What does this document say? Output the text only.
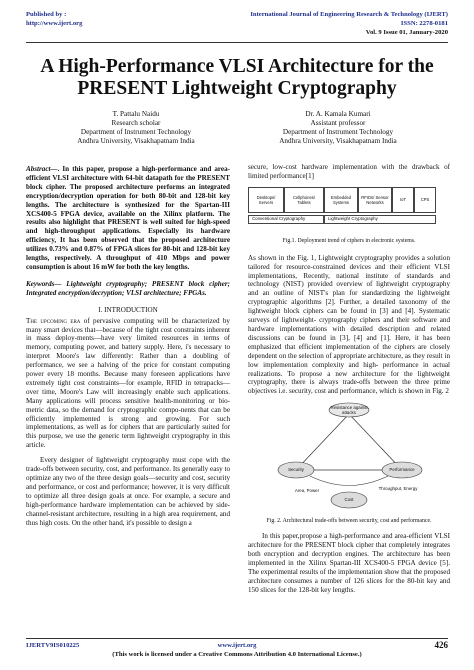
Published by :
http://www.ijert.org
International Journal of Engineering Research & Technology (IJERT)
ISSN: 2278-0181
Vol. 9 Issue 01, January-2020
A High-Performance VLSI Architecture for the PRESENT Lightweight Cryptography
T. Pattalu Naidu
Research scholar
Department of Instrument Technology
Andhra University, Visakhapatnam India
Dr. A. Kamala Kumari
Assistant professor
Department of Instrument Technology
Andhra University, Visakhapatnam India

Abstract—. In this paper, propose a high-performance and area-efficient VLSI architecture with 64-bit datapath for the PRESENT block cipher. The proposed architecture performs an integrated encryption/decryption operation for both 80-bit and 128-bit key lengths. The architecture is synthesized for the Spartan-III XCS400-5 FPGA device, available on the Xilinx platform. The results also highlight that PRESENT is well suited for high-speed and high-throughput applications. Especially its hardware efficiency, It has been observed that the proposed architecture utilizes 0.73% and 0.87% of FPGA slices for 80-bit and 128-bit key lengths, respectively. A throughput of 410 Mbps and power consumption is about 16 mW for both the key lengths.

Keywords— Lightweight cryptography; PRESENT block cipher; Integrated encryption/decryption; VLSI architecture; FPGAs.

I. INTRODUCTION

The upcoming era of pervasive computing will be characterized by many smart devices that—because of the tight cost constraints inherent in mass deploy-ments—have very limited resources in terms of memory, computing power, and battery supply. Here, i's necessary to interpret Moore's law differently: Rather than a doubling of performance, we see a halving of the price for constant computing power every 18 months. Because many foreseen applications have extremely tight cost constraints—for example, RFID in tetrapacks—over time, Moore's Law will increasingly enable such applications. Many applications will process sensitive health-monitoring or bio-metric data, so the demand for cryptographic compo-nents that can be efficiently implemented is strong and growing. For such implementations, as well as for ciphers that are particularly suited for this purpose, we use the generic term lightweight cryptography in this article.

Every designer of lightweight cryptography must cope with the trade-offs between security, cost, and performance. Its generally easy to optimize any two of the three design goals—security and cost, security and performance, or cost and performance; however, it is very difficult to optimize all three design goals at once. For example, a secure and high-performance hardware implementation can be achieved by side-channel-resistant architecture, resulting in a high area requirement, and thus high costs. On the other hand, it's possible to design a

secure, low-cost hardware implementation with the drawback of limited performance[1]

Desktops/ Servers
Cellphones/ Tablets
Embedded Systems
RFIDs/ Sensor Networks	IoT	CPS
Conventional Cryptography	Lightweight Cryptography
Fig.1. Deployment trend of ciphers in electronic systems.

As shown in the Fig. 1, Lightweight cryptography provides a solution tailored for resource-constrained devices and their efficient VLSI implementations, Recently, national institute of standards and technology (NIST) provided overview of lightweight cryptography and an outline of NIST's plan for standardizing the lightweight cryptographic algorithms [2]. Further, a detailed taxonomy of the lightweight block ciphers can be found in [3] and [4]. Systematic surveys of lightweight- cryptography ciphers and their software and hardware implementations with detailed description and related discussions can be found in [3], [4] and [1]. Here, it has been emphasized that efficient implementation of the ciphers are closely dependent on the selection of appropriate architecture, as they result in low implementation complexity and high- performance in actual realizations. To propose a new architecture for the lightweight cryptography, there is always trade-offs between the three prime objectives i.e. security, cost and performance, which is shown in Fig. 2

Resistance against attacks
Security	Performance
Cost
Area, Power	Throughput, Energy
Fig. 2. Architectural trade-offs between security, cost and performance.

In this paper,propose a high-performance and area-efficient VLSI architecture for the PRESENT block cipher that completely integrates both encryption and decryption engines. The architecture has been implemented in the Xilinx Spartan-III XCS400-5 FPGA device [5]. The experimental results of the implementation show that the proposed architecture consumes a number of 126 slices for the 80-bit key and 150 slices for the 128-bit key lengths.

IJERTV9IS010225	www.ijert.org	426
(This work is licensed under a Creative Commons Attribution 4.0 International License.)
